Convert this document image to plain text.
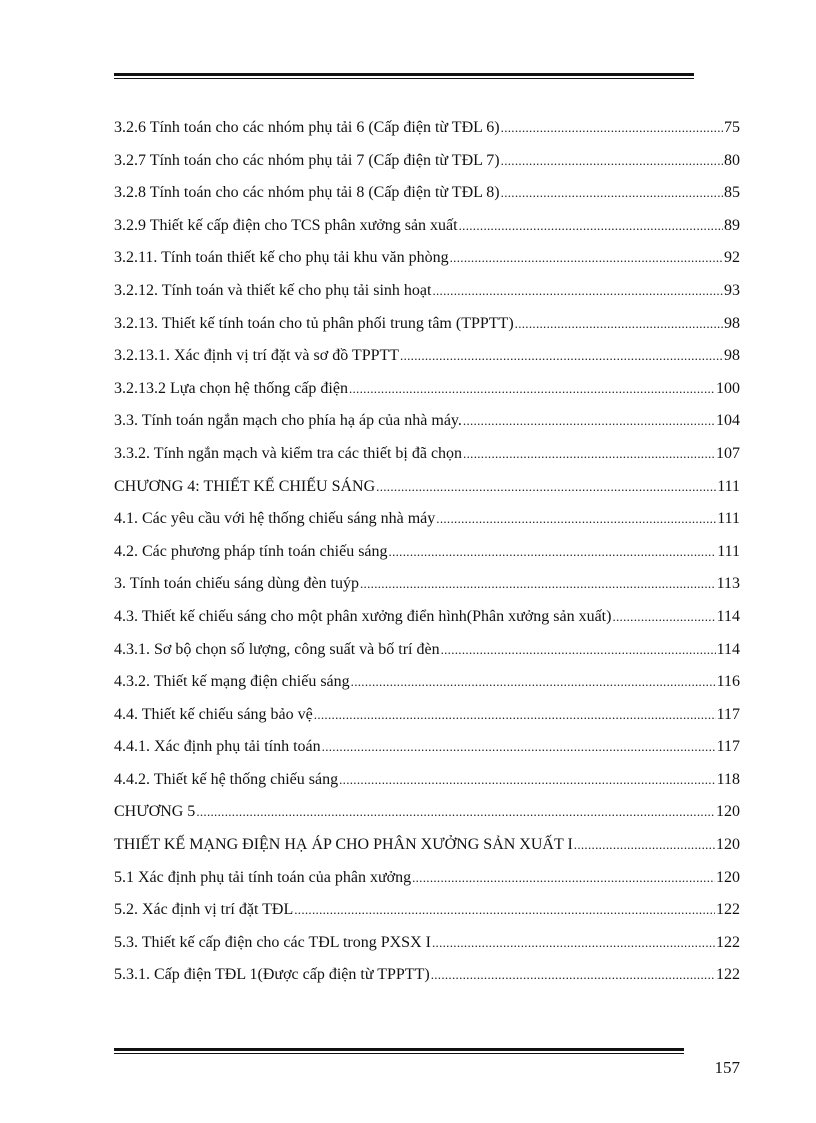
3.2.6 Tính toán cho các nhóm phụ tải 6 (Cấp điện từ TĐL 6) .....	75
3.2.7 Tính toán cho các nhóm phụ tải 7 (Cấp điện từ TĐL 7) .....	80
3.2.8 Tính toán cho các nhóm phụ tải 8 (Cấp điện từ TĐL 8) .....	85
3.2.9 Thiết kế cấp điện cho TCS phân xưởng sản xuất .....	89
3.2.11. Tính toán thiết kế cho phụ tải khu văn phòng .....	92
3.2.12. Tính toán và thiết kế cho phụ tải sinh hoạt .....	93
3.2.13. Thiết kế tính toán cho tủ phân phối trung tâm (TPPTT) .....	98
3.2.13.1. Xác định vị trí đặt và sơ đồ TPPTT .....	98
3.2.13.2 Lựa chọn hệ thống cấp điện .....	100
3.3. Tính toán ngắn mạch cho phía hạ áp của nhà máy. .....	104
3.3.2. Tính ngắn mạch và kiểm tra các thiết bị đã chọn .....	107
CHƯƠNG 4: THIẾT KẾ CHIẾU SÁNG .....	111
4.1. Các yêu cầu với hệ thống chiếu sáng nhà máy .....	111
4.2. Các phương pháp tính toán chiếu sáng .....	111
3. Tính toán chiếu sáng dùng đèn tuýp .....	113
4.3. Thiết kế chiếu sáng cho một phân xưởng điển hình(Phân xưởng sản xuất) .....	114
4.3.1. Sơ bộ chọn số lượng, công suất và bố trí đèn .....	114
4.3.2. Thiết kế mạng điện chiếu sáng .....	116
4.4. Thiết kế chiếu sáng bảo vệ .....	117
4.4.1. Xác định phụ tải tính toán .....	117
4.4.2. Thiết kế hệ thống chiếu sáng .....	118
CHƯƠNG 5 .....	120
THIẾT KẾ MẠNG ĐIỆN HẠ ÁP CHO PHÂN XƯỞNG SẢN XUẤT I .....	120
5.1 Xác định phụ tải tính toán của phân xưởng .....	120
5.2. Xác định vị trí đặt TĐL .....	122
5.3. Thiết kế cấp điện cho các TĐL trong PXSX I .....	122
5.3.1. Cấp điện TĐL 1(Được cấp điện từ TPPTT) .....	122
157
